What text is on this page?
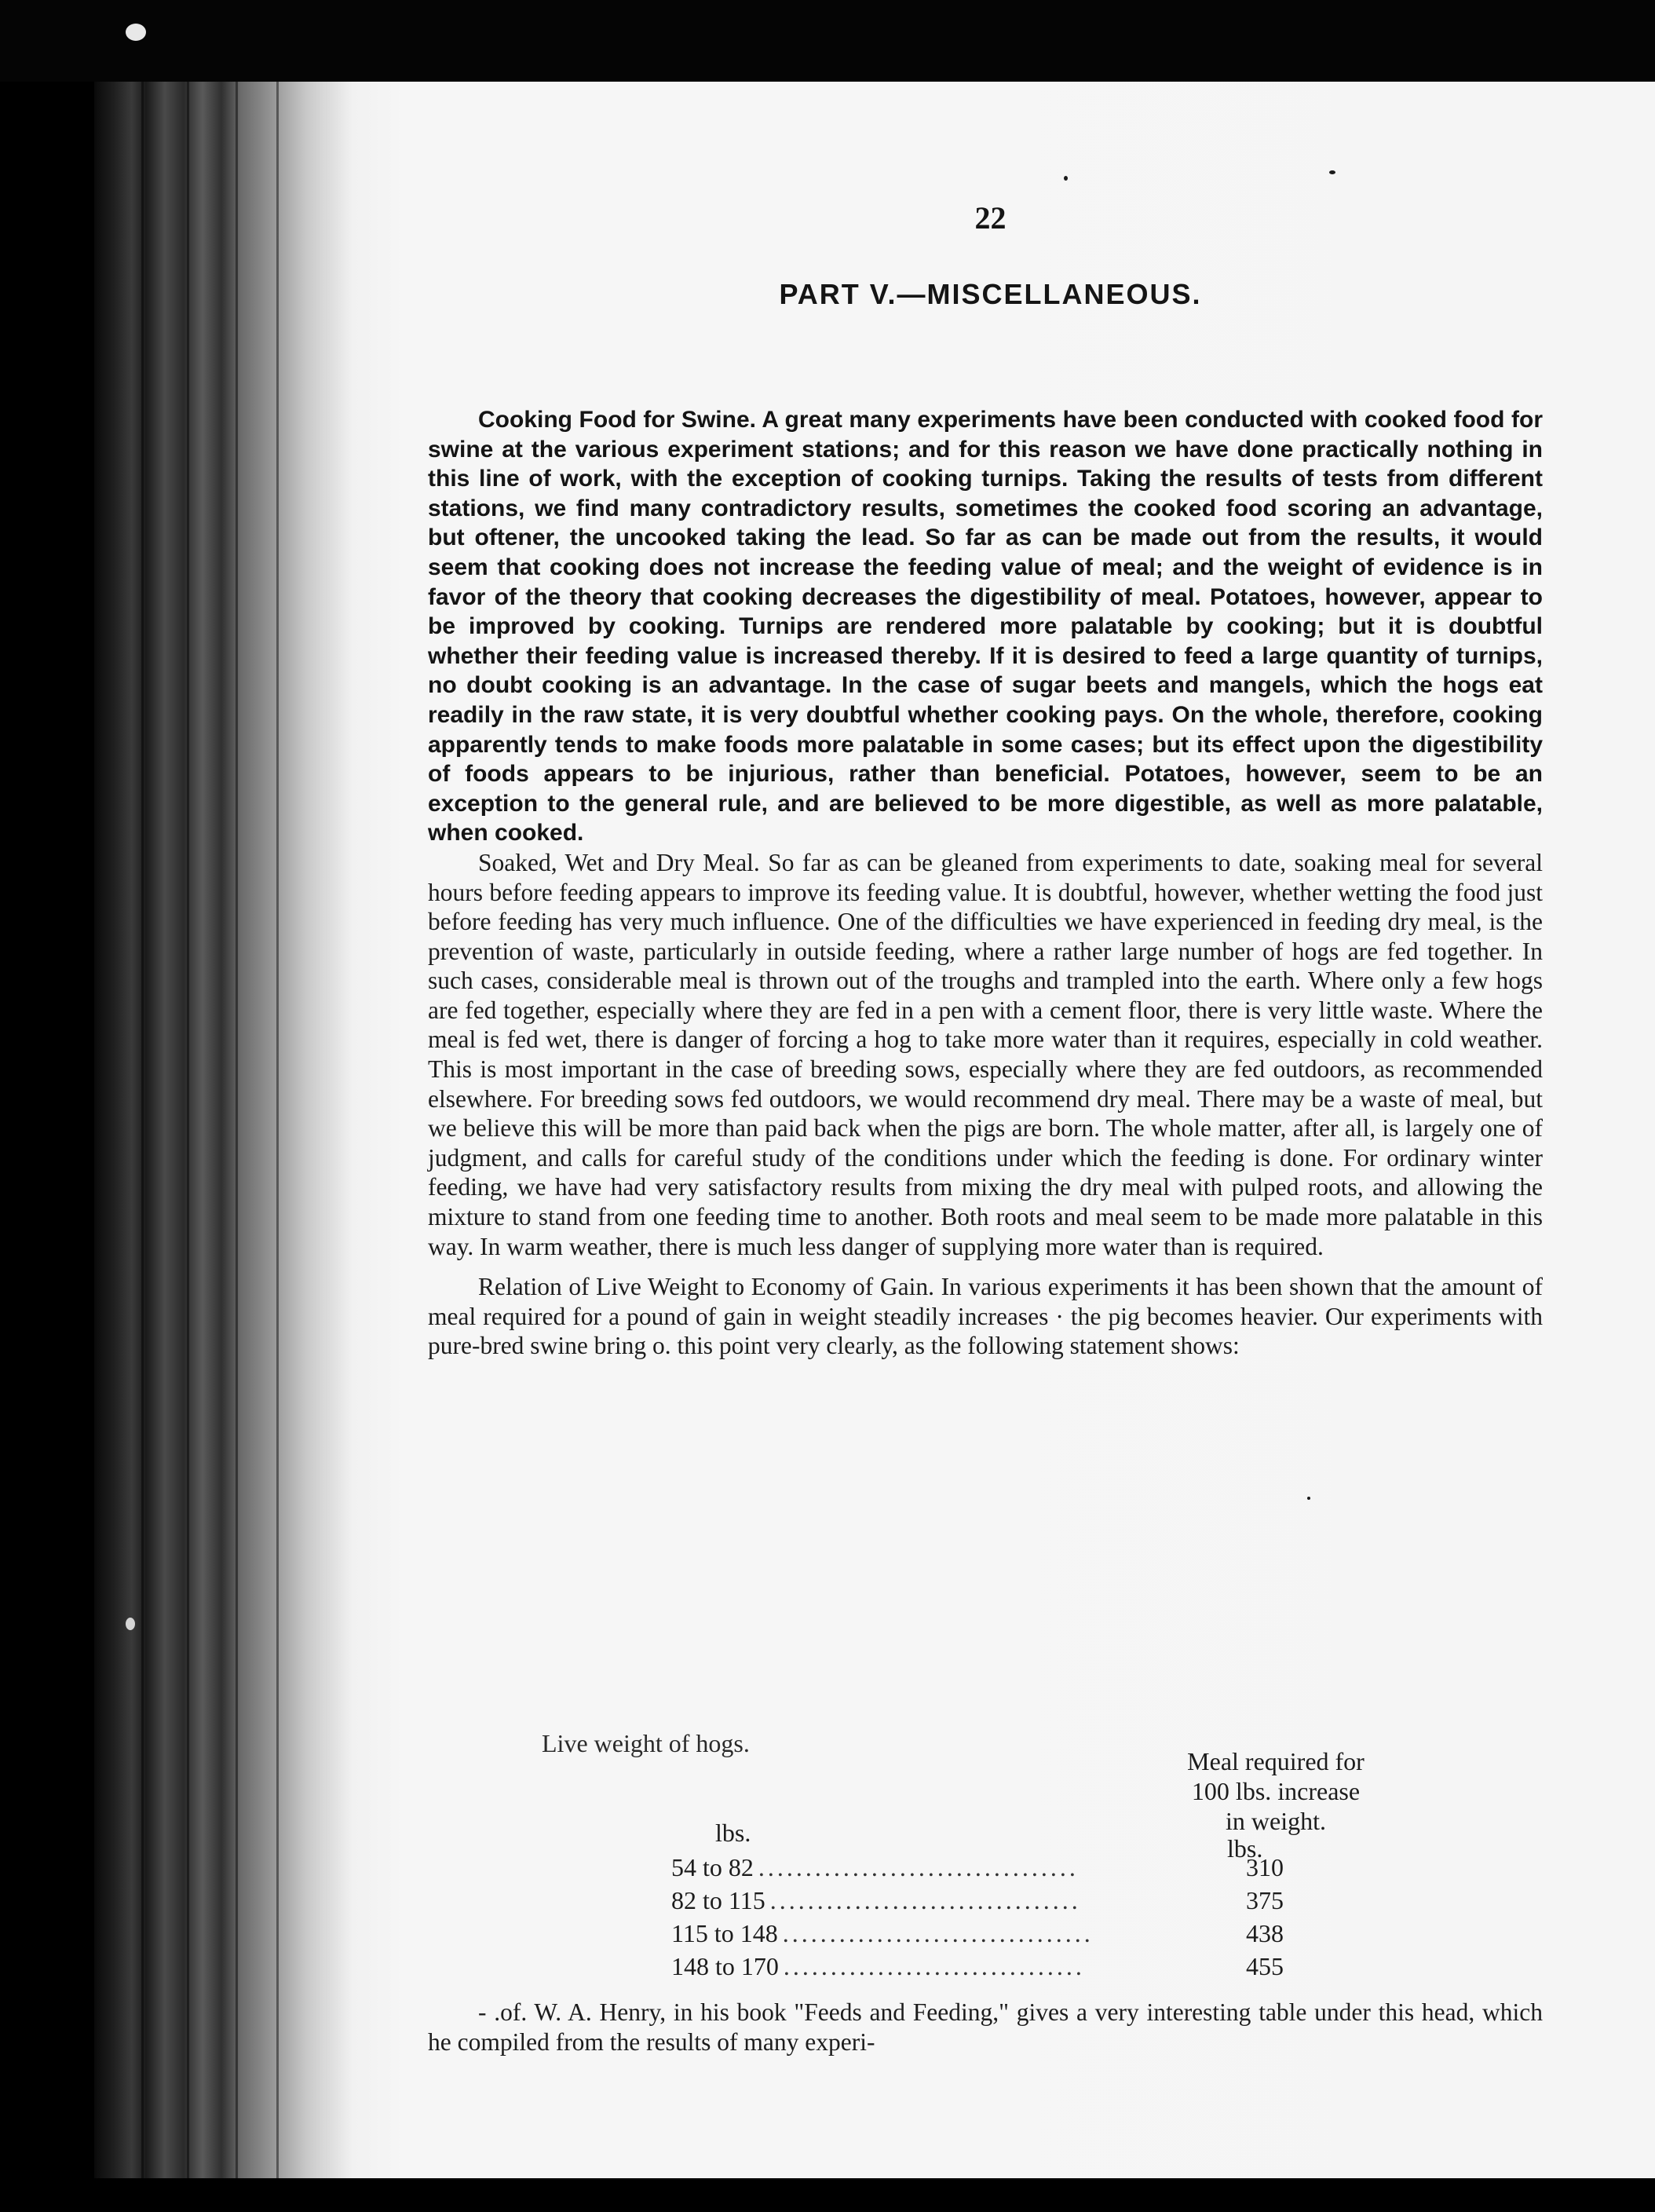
22
PART V.—MISCELLANEOUS.

Cooking Food for Swine. A great many experiments have been conducted with cooked food for swine at the various experiment stations; and for this reason we have done practically nothing in this line of work, with the exception of cooking turnips. Taking the results of tests from different stations, we find many contradictory results, sometimes the cooked food scoring an advantage, but oftener, the uncooked taking the lead. So far as can be made out from the results, it would seem that cooking does not increase the feeding value of meal; and the weight of evidence is in favor of the theory that cooking decreases the digestibility of meal. Potatoes, however, appear to be improved by cooking. Turnips are rendered more palatable by cooking; but it is doubtful whether their feeding value is increased thereby. If it is desired to feed a large quantity of turnips, no doubt cooking is an advantage. In the case of sugar beets and mangels, which the hogs eat readily in the raw state, it is very doubtful whether cooking pays. On the whole, therefore, cooking apparently tends to make foods more palatable in some cases; but its effect upon the digestibility of foods appears to be injurious, rather than beneficial. Potatoes, however, seem to be an exception to the general rule, and are believed to be more digestible, as well as more palatable, when cooked.

Soaked, Wet and Dry Meal. So far as can be gleaned from experiments to date, soaking meal for several hours before feeding appears to improve its feeding value. It is doubtful, however, whether wetting the food just before feeding has very much influence. One of the difficulties we have experienced in feeding dry meal, is the prevention of waste, particularly in outside feeding, where a rather large number of hogs are fed together. In such cases, considerable meal is thrown out of the troughs and trampled into the earth. Where only a few hogs are fed together, especially where they are fed in a pen with a cement floor, there is very little waste. Where the meal is fed wet, there is danger of forcing a hog to take more water than it requires, especially in cold weather. This is most important in the case of breeding sows, especially where they are fed outdoors, as recommended elsewhere. For breeding sows fed outdoors, we would recommend dry meal. There may be a waste of meal, but we believe this will be more than paid back when the pigs are born. The whole matter, after all, is largely one of judgment, and calls for careful study of the conditions under which the feeding is done. For ordinary winter feeding, we have had very satisfactory results from mixing the dry meal with pulped roots, and allowing the mixture to stand from one feeding time to another. Both roots and meal seem to be made more palatable in this way. In warm weather, there is much less danger of supplying more water than is required.

Relation of Live Weight to Economy of Gain. In various experiments it has been shown that the amount of meal required for a pound of gain in weight steadily increases · the pig becomes heavier. Our experiments with pure-bred swine bring o. this point very clearly, as the following statement shows:

Live weight of hogs.
Meal required for
100 lbs. increase
in weight.
lbs.
lbs.
54 to 82 ..................................	310
82 to 115 .................................	375
115 to 148 .................................	438
148 to 170 ................................	455

- .of. W. A. Henry, in his book "Feeds and Feeding," gives a very interesting table under this head, which he compiled from the results of many experi-
